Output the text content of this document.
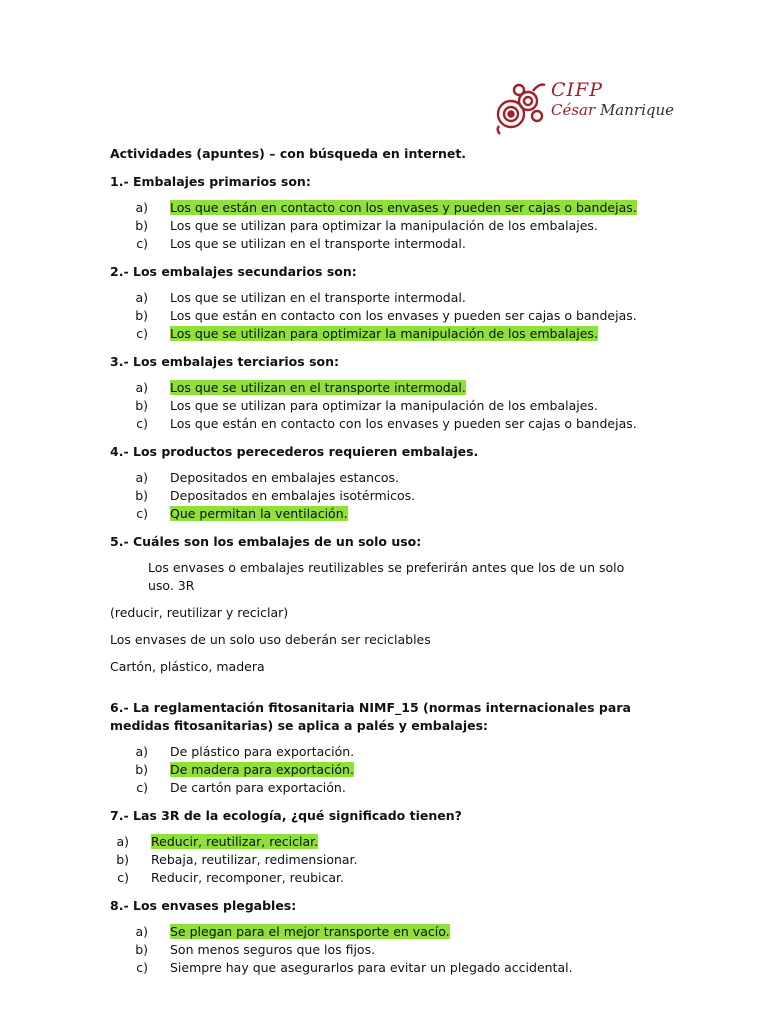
CIFP
César Manrique
Actividades (apuntes) – con búsqueda en internet.
1.- Embalajes primarios son:
a)	Los que están en contacto con los envases y pueden ser cajas o bandejas.
b)	Los que se utilizan para optimizar la manipulación de los embalajes.
c)	Los que se utilizan en el transporte intermodal.
2.- Los embalajes secundarios son:
a)	Los que se utilizan en el transporte intermodal.
b)	Los que están en contacto con los envases y pueden ser cajas o bandejas.
c)	Los que se utilizan para optimizar la manipulación de los embalajes.
3.- Los embalajes terciarios son:
a)	Los que se utilizan en el transporte intermodal.
b)	Los que se utilizan para optimizar la manipulación de los embalajes.
c)	Los que están en contacto con los envases y pueden ser cajas o bandejas.
4.- Los productos perecederos requieren embalajes.
a)	Depositados en embalajes estancos.
b)	Depositados en embalajes isotérmicos.
c)	Que permitan la ventilación.
5.- Cuáles son los embalajes de un solo uso:
Los envases o embalajes reutilizables se preferirán antes que los de un solo uso. 3R
(reducir, reutilizar y reciclar)
Los envases de un solo uso deberán ser reciclables
Cartón, plástico, madera
6.- La reglamentación fitosanitaria NIMF_15 (normas internacionales para medidas fitosanitarias) se aplica a palés y embalajes:
a)	De plástico para exportación.
b)	De madera para exportación.
c)	De cartón para exportación.
7.- Las 3R de la ecología, ¿qué significado tienen?
a)	Reducir, reutilizar, reciclar.
b)	Rebaja, reutilizar, redimensionar.
c)	Reducir, recomponer, reubicar.
8.- Los envases plegables:
a)	Se plegan para el mejor transporte en vacío.
b)	Son menos seguros que los fijos.
c)	Siempre hay que asegurarlos para evitar un plegado accidental.
